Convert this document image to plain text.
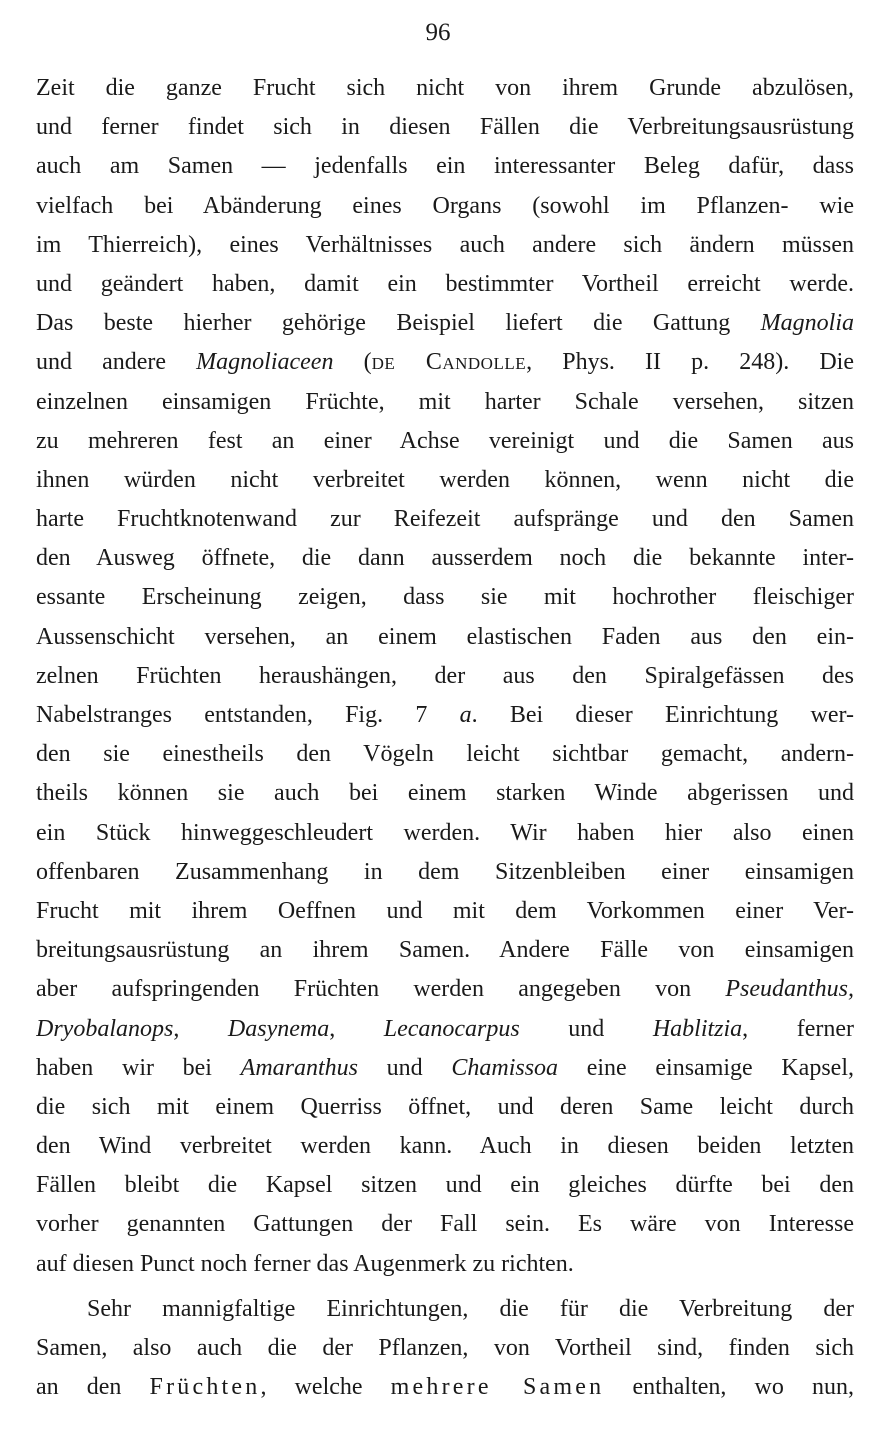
96
Zeit die ganze Frucht sich nicht von ihrem Grunde abzulösen,
und ferner findet sich in diesen Fällen die Verbreitungsausrüstung
auch am Samen — jedenfalls ein interessanter Beleg dafür, dass
vielfach bei Abänderung eines Organs (sowohl im Pflanzen- wie
im Thierreich), eines Verhältnisses auch andere sich ändern müssen
und geändert haben, damit ein bestimmter Vortheil erreicht werde.
Das beste hierher gehörige Beispiel liefert die Gattung Magnolia
und andere Magnoliaceen (de Candolle, Phys. II p. 248). Die
einzelnen einsamigen Früchte, mit harter Schale versehen, sitzen
zu mehreren fest an einer Achse vereinigt und die Samen aus
ihnen würden nicht verbreitet werden können, wenn nicht die
harte Fruchtknotenwand zur Reifezeit aufspränge und den Samen
den Ausweg öffnete, die dann ausserdem noch die bekannte inter-
essante Erscheinung zeigen, dass sie mit hochrother fleischiger
Aussenschicht versehen, an einem elastischen Faden aus den ein-
zelnen Früchten heraushängen, der aus den Spiralgefässen des
Nabelstranges entstanden, Fig. 7 a. Bei dieser Einrichtung wer-
den sie einestheils den Vögeln leicht sichtbar gemacht, andern-
theils können sie auch bei einem starken Winde abgerissen und
ein Stück hinweggeschleudert werden. Wir haben hier also einen
offenbaren Zusammenhang in dem Sitzenbleiben einer einsamigen
Frucht mit ihrem Oeffnen und mit dem Vorkommen einer Ver-
breitungsausrüstung an ihrem Samen. Andere Fälle von einsamigen
aber aufspringenden Früchten werden angegeben von Pseudanthus,
Dryobalanops, Dasynema, Lecanocarpus und Hablitzia, ferner
haben wir bei Amaranthus und Chamissoa eine einsamige Kapsel,
die sich mit einem Querriss öffnet, und deren Same leicht durch
den Wind verbreitet werden kann. Auch in diesen beiden letzten
Fällen bleibt die Kapsel sitzen und ein gleiches dürfte bei den
vorher genannten Gattungen der Fall sein. Es wäre von Interesse
auf diesen Punct noch ferner das Augenmerk zu richten.
Sehr mannigfaltige Einrichtungen, die für die Verbreitung der
Samen, also auch die der Pflanzen, von Vortheil sind, finden sich
an den Früchten, welche mehrere Samen enthalten, wo nun,
